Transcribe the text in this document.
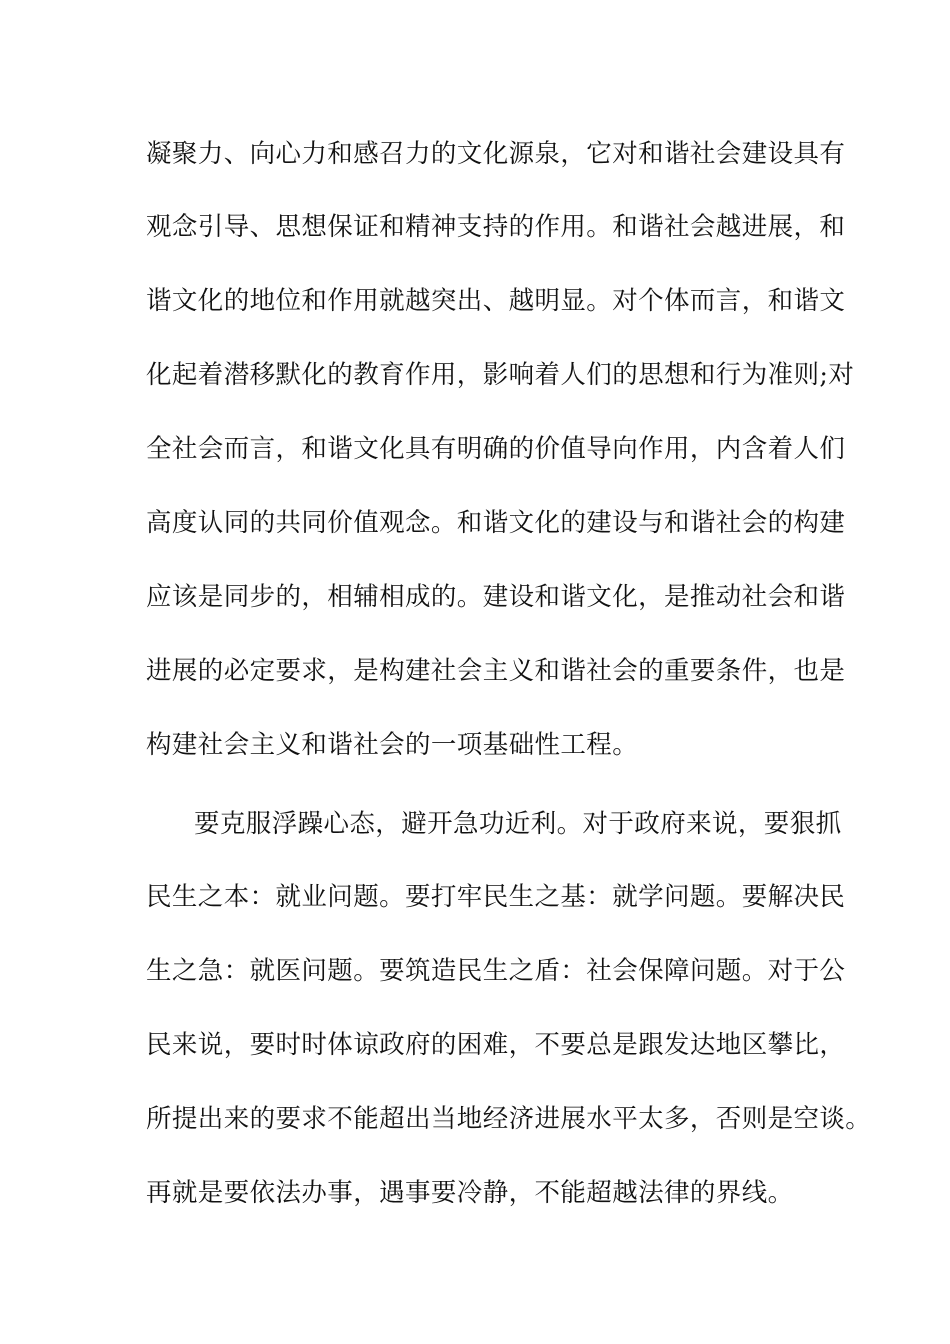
凝聚力、向心力和感召力的文化源泉，它对和谐社会建设具有
观念引导、思想保证和精神支持的作用。和谐社会越进展，和
谐文化的地位和作用就越突出、越明显。对个体而言，和谐文
化起着潜移默化的教育作用，影响着人们的思想和行为准则;对
全社会而言，和谐文化具有明确的价值导向作用，内含着人们
高度认同的共同价值观念。和谐文化的建设与和谐社会的构建
应该是同步的，相辅相成的。建设和谐文化，是推动社会和谐
进展的必定要求，是构建社会主义和谐社会的重要条件，也是
构建社会主义和谐社会的一项基础性工程。
要克服浮躁心态，避开急功近利。对于政府来说，要狠抓
民生之本：就业问题。要打牢民生之基：就学问题。要解决民
生之急：就医问题。要筑造民生之盾：社会保障问题。对于公
民来说，要时时体谅政府的困难，不要总是跟发达地区攀比，
所提出来的要求不能超出当地经济进展水平太多，否则是空谈。
再就是要依法办事，遇事要冷静，不能超越法律的界线。
